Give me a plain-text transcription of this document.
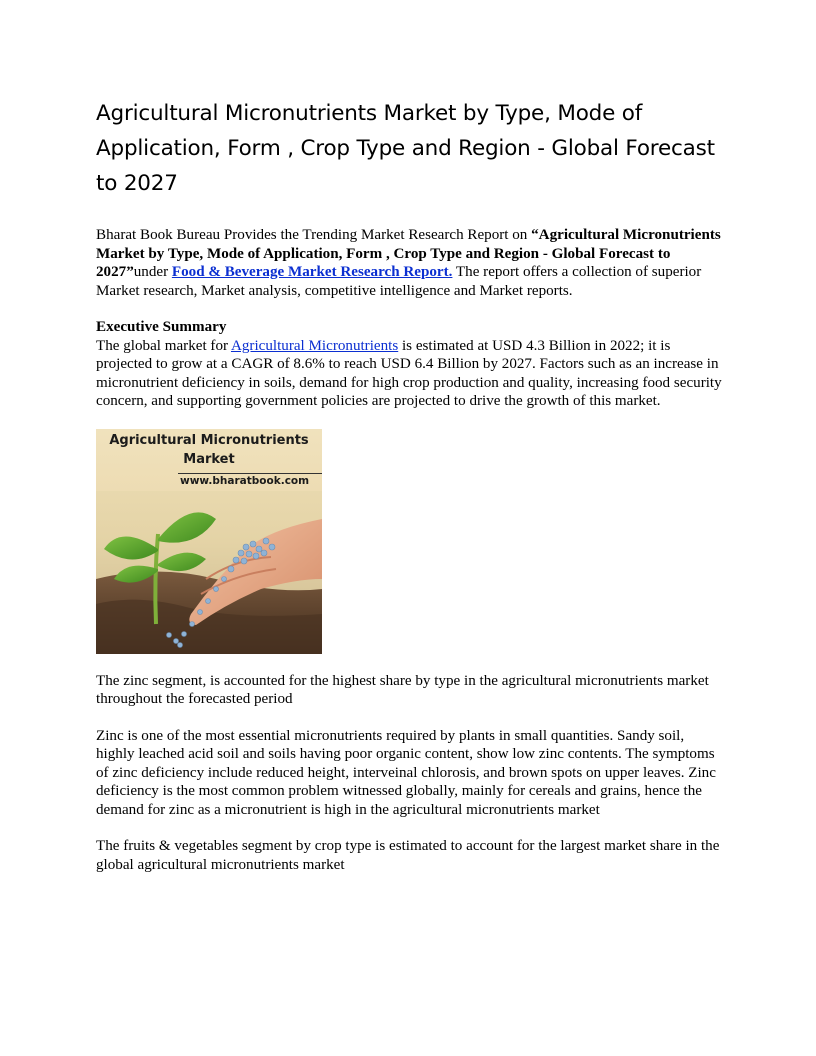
Agricultural Micronutrients Market by Type, Mode of Application, Form , Crop Type and Region - Global Forecast to 2027
Bharat Book Bureau Provides the Trending Market Research Report on “Agricultural Micronutrients Market by Type, Mode of Application, Form , Crop Type and Region - Global Forecast to 2027”under Food & Beverage Market Research Report. The report offers a collection of superior Market research, Market analysis, competitive intelligence and Market reports.
Executive Summary
The global market for Agricultural Micronutrients is estimated at USD 4.3 Billion in 2022; it is projected to grow at a CAGR of 8.6% to reach USD 6.4 Billion by 2027. Factors such as an increase in micronutrient deficiency in soils, demand for high crop production and quality, increasing food security concern, and supporting government policies are projected to drive the growth of this market.
Agricultural Micronutrients
Market
www.bharatbook.com
The zinc segment, is accounted for the highest share by type in the agricultural micronutrients market throughout the forecasted period
Zinc is one of the most essential micronutrients required by plants in small quantities. Sandy soil, highly leached acid soil and soils having poor organic content, show low zinc contents. The symptoms of zinc deficiency include reduced height, interveinal chlorosis, and brown spots on upper leaves. Zinc deficiency is the most common problem witnessed globally, mainly for cereals and grains, hence the demand for zinc as a micronutrient is high in the agricultural micronutrients market
The fruits & vegetables segment by crop type is estimated to account for the largest market share in the global agricultural micronutrients market
